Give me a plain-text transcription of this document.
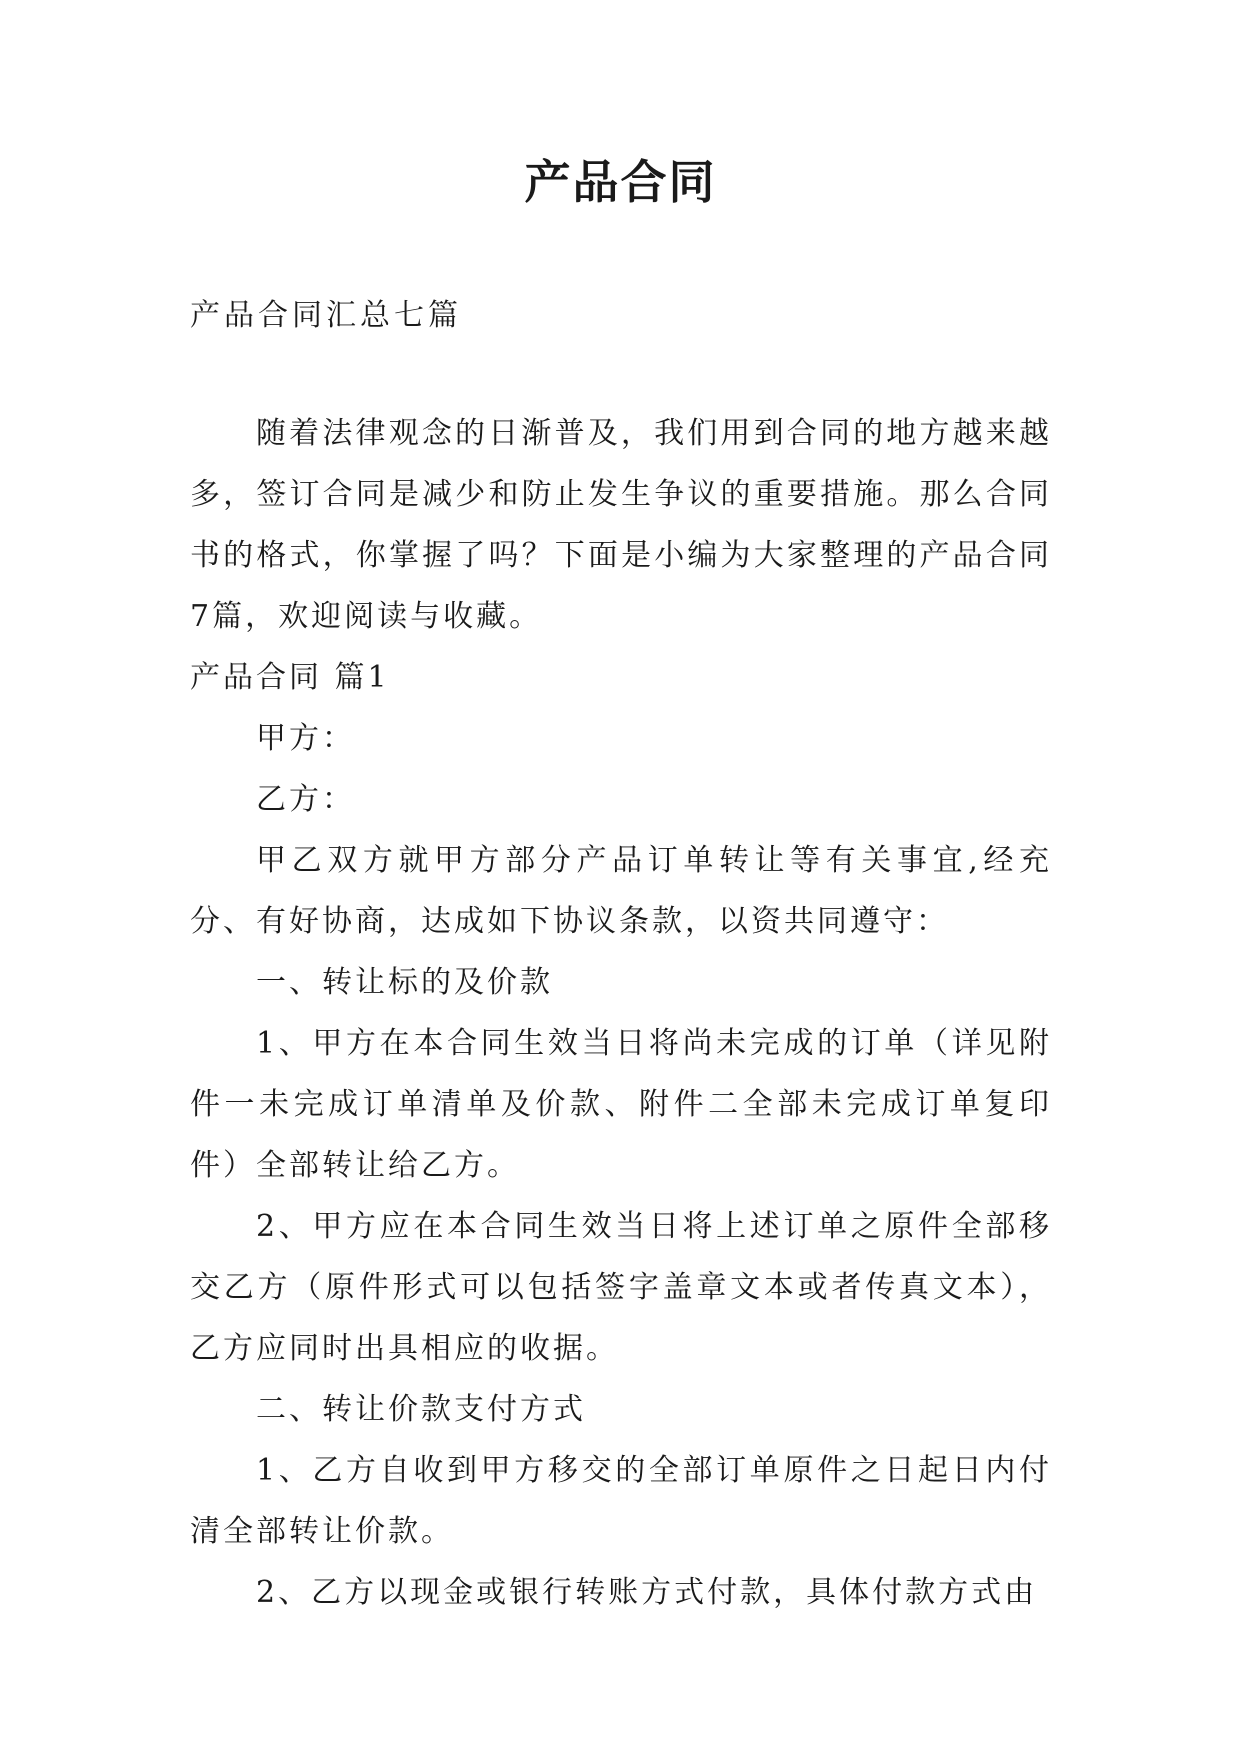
产品合同
产品合同汇总七篇

随着法律观念的日渐普及，我们用到合同的地方越来越多，签订合同是减少和防止发生争议的重要措施。那么合同书的格式，你掌握了吗？下面是小编为大家整理的产品合同7篇，欢迎阅读与收藏。

产品合同 篇1

甲方：

乙方：

甲乙双方就甲方部分产品订单转让等有关事宜,经充分、有好协商，达成如下协议条款，以资共同遵守：

一、转让标的及价款

1、甲方在本合同生效当日将尚未完成的订单（详见附件一未完成订单清单及价款、附件二全部未完成订单复印件）全部转让给乙方。

2、甲方应在本合同生效当日将上述订单之原件全部移交乙方（原件形式可以包括签字盖章文本或者传真文本），乙方应同时出具相应的收据。

二、转让价款支付方式

1、乙方自收到甲方移交的全部订单原件之日起日内付清全部转让价款。

2、乙方以现金或银行转账方式付款，具体付款方式由
